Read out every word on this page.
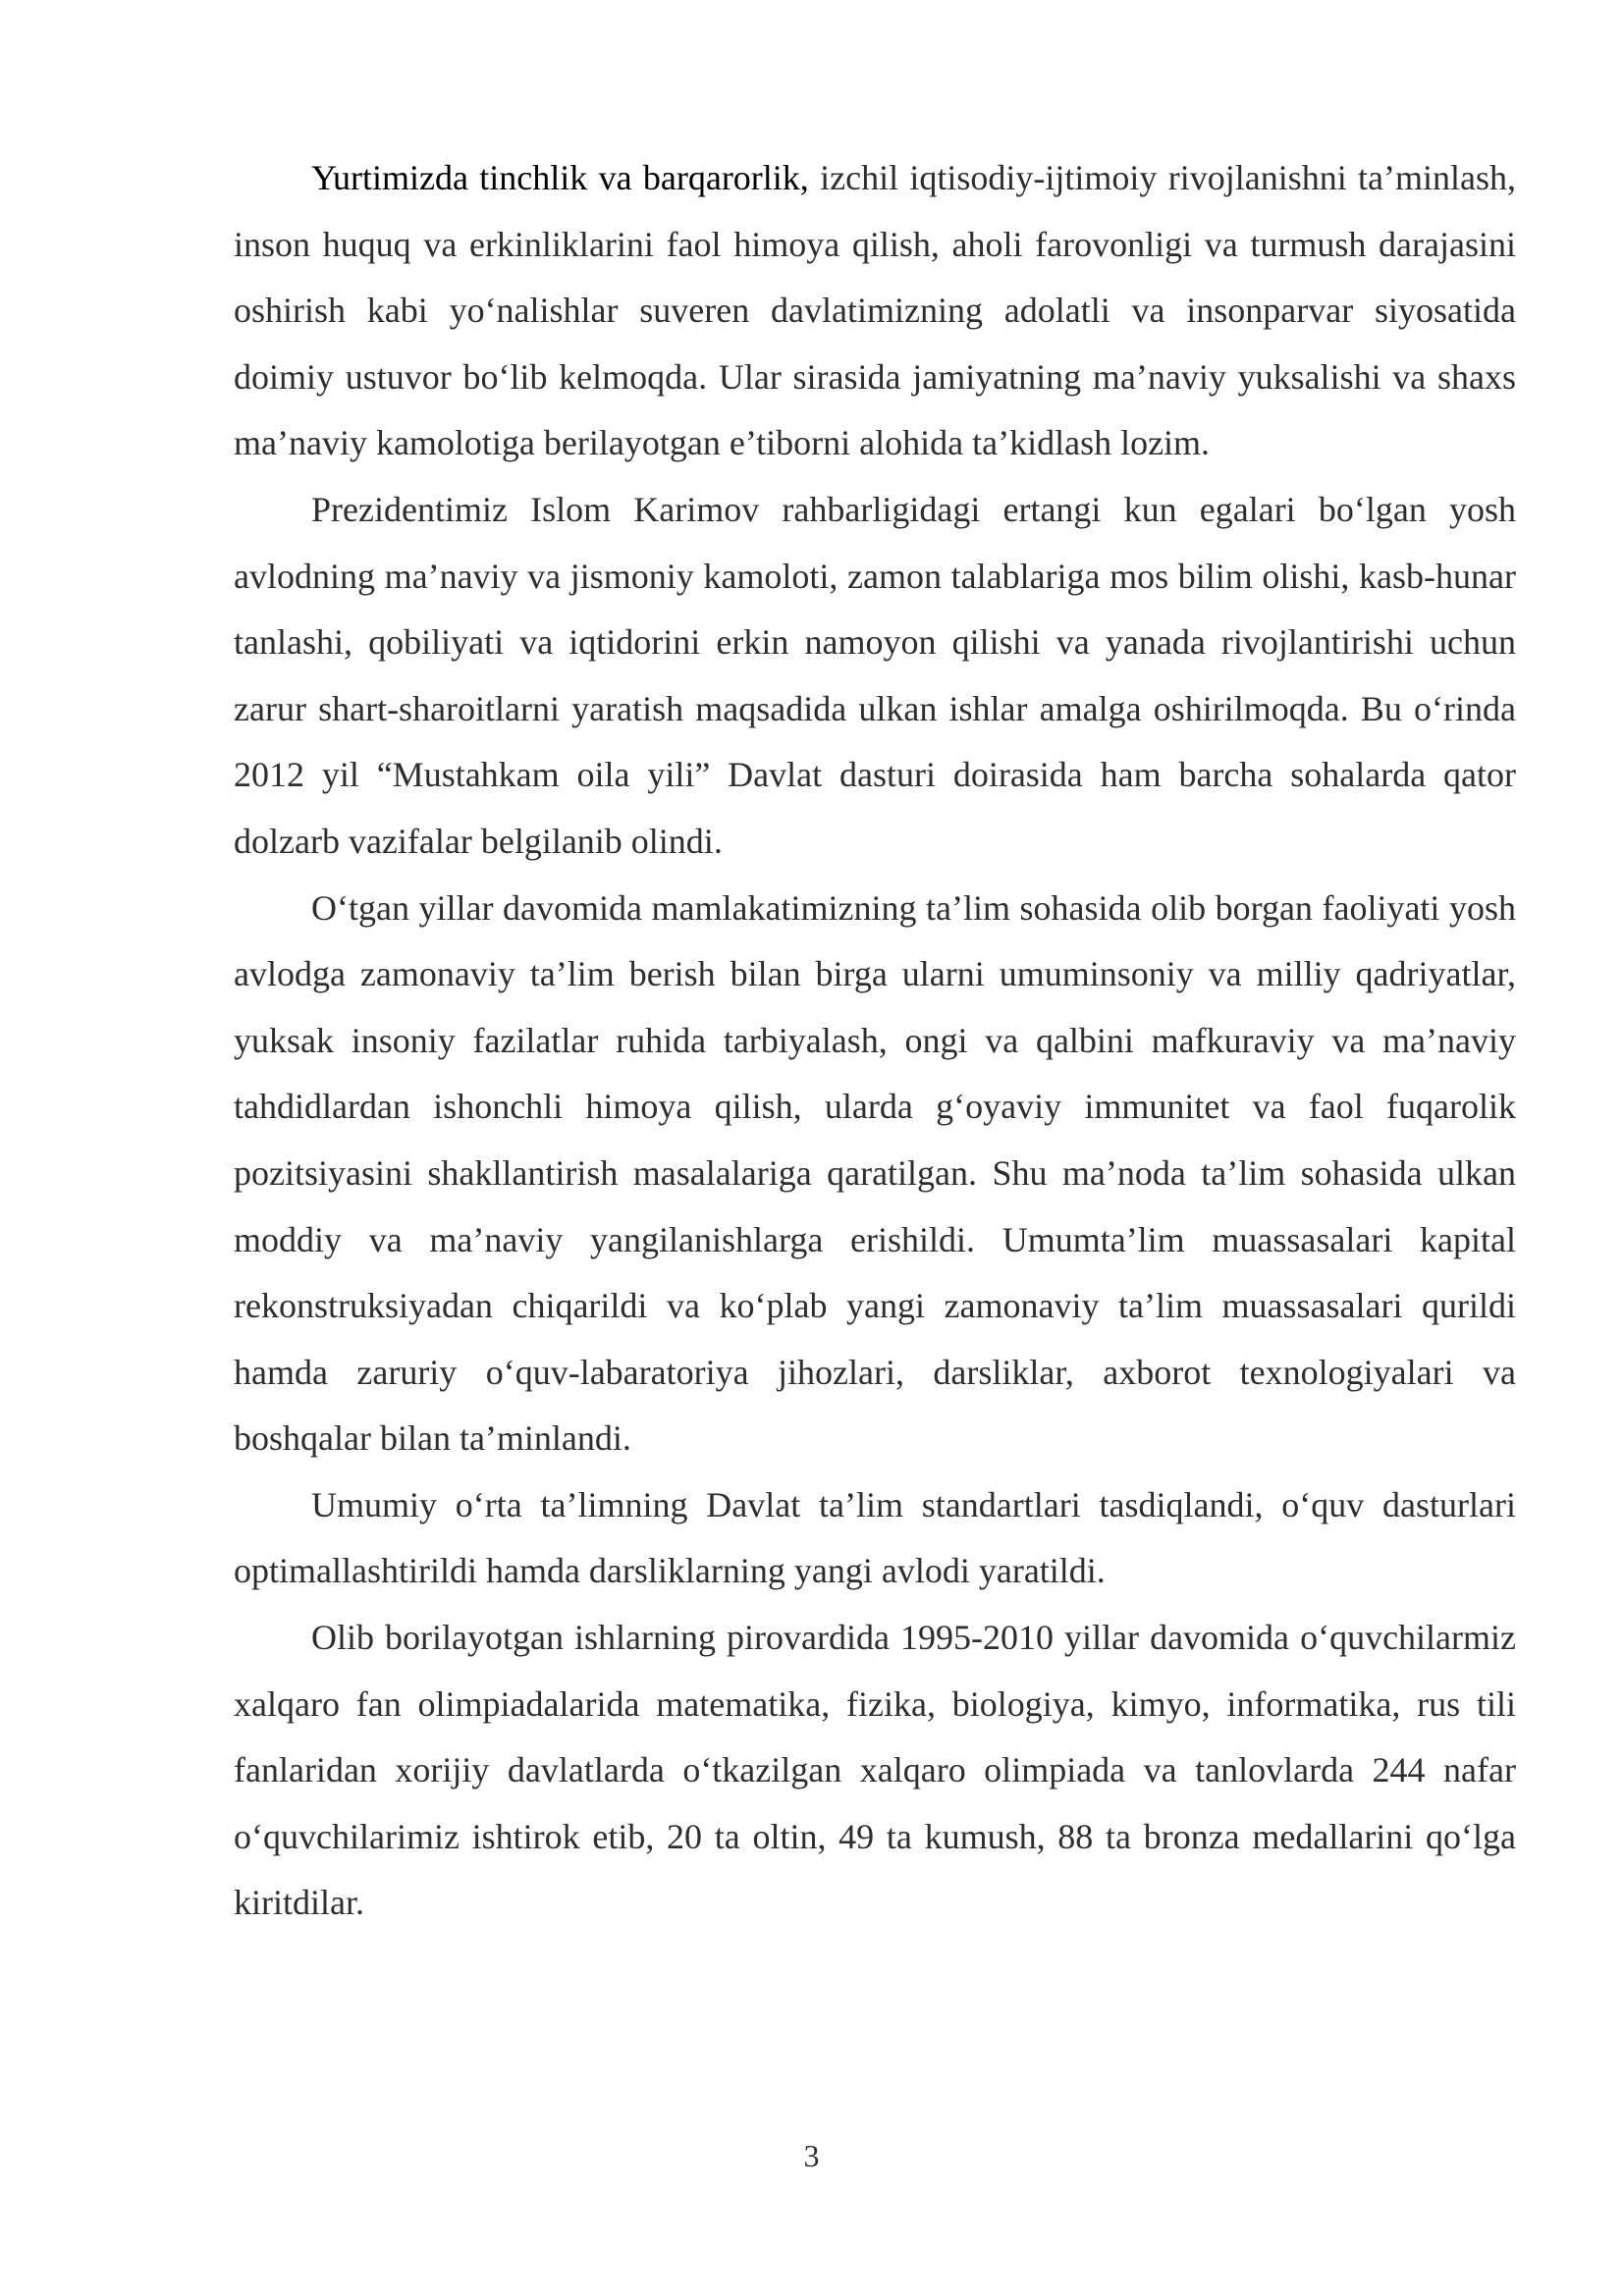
Yurtimizda tinchlik va barqarorlik, izchil iqtisodiy-ijtimoiy rivojlanishni ta’minlash, inson huquq va erkinliklarini faol himoya qilish, aholi farovonligi va turmush darajasini oshirish kabi yo‘nalishlar suveren davlatimizning adolatli va insonparvar siyosatida doimiy ustuvor bo‘lib kelmoqda. Ular sirasida jamiyatning ma’naviy yuksalishi va shaxs ma’naviy kamolotiga berilayotgan e’tiborni alohida ta’kidlash lozim.

Prezidentimiz Islom Karimov rahbarligidagi ertangi kun egalari bo‘lgan yosh avlodning ma’naviy va jismoniy kamoloti, zamon talablariga mos bilim olishi, kasb-hunar tanlashi, qobiliyati va iqtidorini erkin namoyon qilishi va yanada rivojlantirishi uchun zarur shart-sharoitlarni yaratish maqsadida ulkan ishlar amalga oshirilmoqda. Bu o‘rinda 2012 yil “Mustahkam oila yili” Davlat dasturi doirasida ham barcha sohalarda qator dolzarb vazifalar belgilanib olindi.

O‘tgan yillar davomida mamlakatimizning ta’lim sohasida olib borgan faoliyati yosh avlodga zamonaviy ta’lim berish bilan birga ularni umuminsoniy va milliy qadriyatlar, yuksak insoniy fazilatlar ruhida tarbiyalash, ongi va qalbini mafkuraviy va ma’naviy tahdidlardan ishonchli himoya qilish, ularda g‘oyaviy immunitet va faol fuqarolik pozitsiyasini shakllantirish masalalariga qaratilgan. Shu ma’noda ta’lim sohasida ulkan moddiy va ma’naviy yangilanishlarga erishildi. Umumta’lim muassasalari kapital rekonstruksiyadan chiqarildi va ko‘plab yangi zamonaviy ta’lim muassasalari qurildi hamda zaruriy o‘quv-labaratoriya jihozlari, darsliklar, axborot texnologiyalari va boshqalar bilan ta’minlandi.

Umumiy o‘rta ta’limning Davlat ta’lim standartlari tasdiqlandi, o‘quv dasturlari optimallashtirildi hamda darsliklarning yangi avlodi yaratildi.

Olib borilayotgan ishlarning pirovardida 1995-2010 yillar davomida o‘quvchilarmiz xalqaro fan olimpiadalarida matematika, fizika, biologiya, kimyo, informatika, rus tili fanlaridan xorijiy davlatlarda o‘tkazilgan xalqaro olimpiada va tanlovlarda 244 nafar o‘quvchilarimiz ishtirok etib, 20 ta oltin, 49 ta kumush, 88 ta bronza medallarini qo‘lga kiritdilar.

3
